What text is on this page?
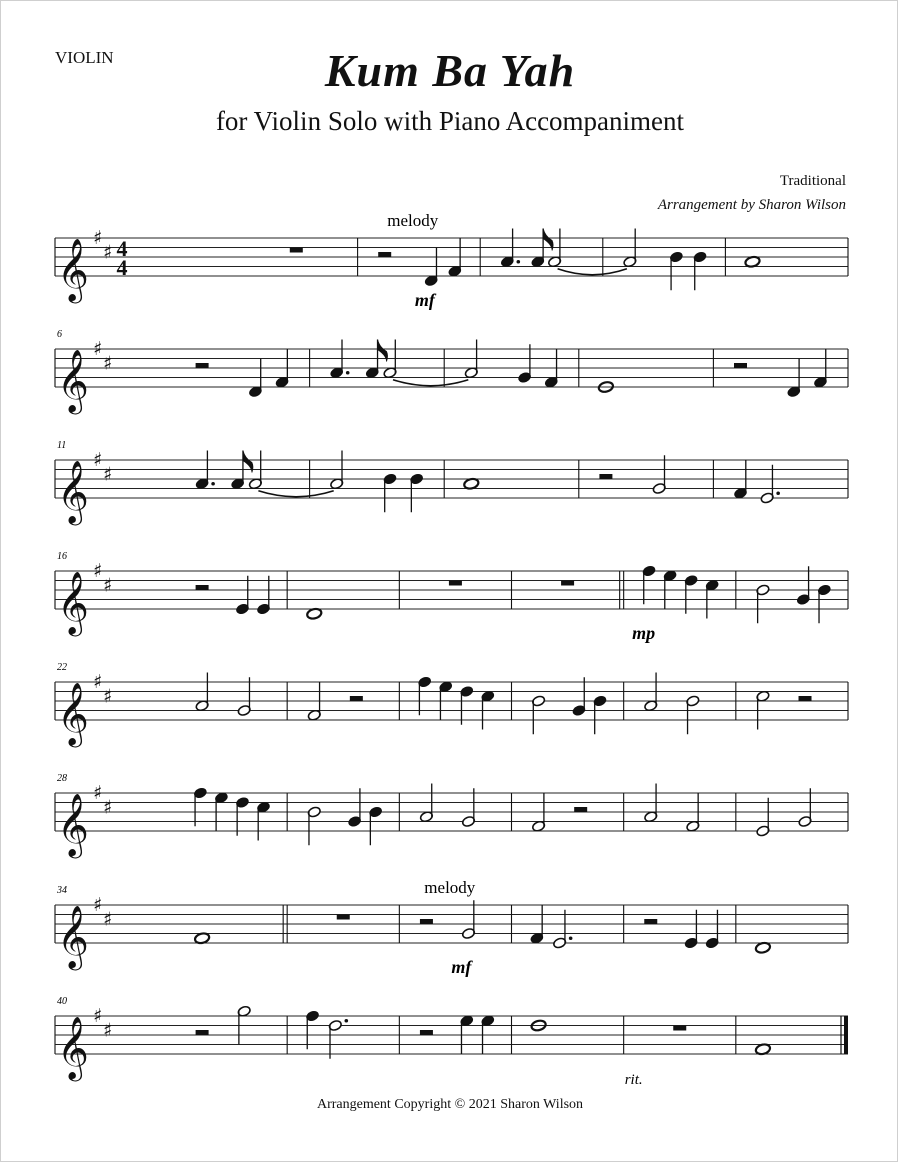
VIOLIN	Kum Ba Yah
for Violin Solo with Piano Accompaniment
Traditional
Arrangement by Sharon Wilson
𝄞 ♯
♯ 4
4
melody
mf
𝄞 ♯
♯
6
𝄞 ♯
♯
11
𝄞 ♯
♯
16
mp
𝄞 ♯
♯
22
𝄞 ♯
♯
28
𝄞 ♯
♯
34	melody
mf
𝄞 ♯
♯
40
rit.
Arrangement Copyright © 2021 Sharon Wilson
